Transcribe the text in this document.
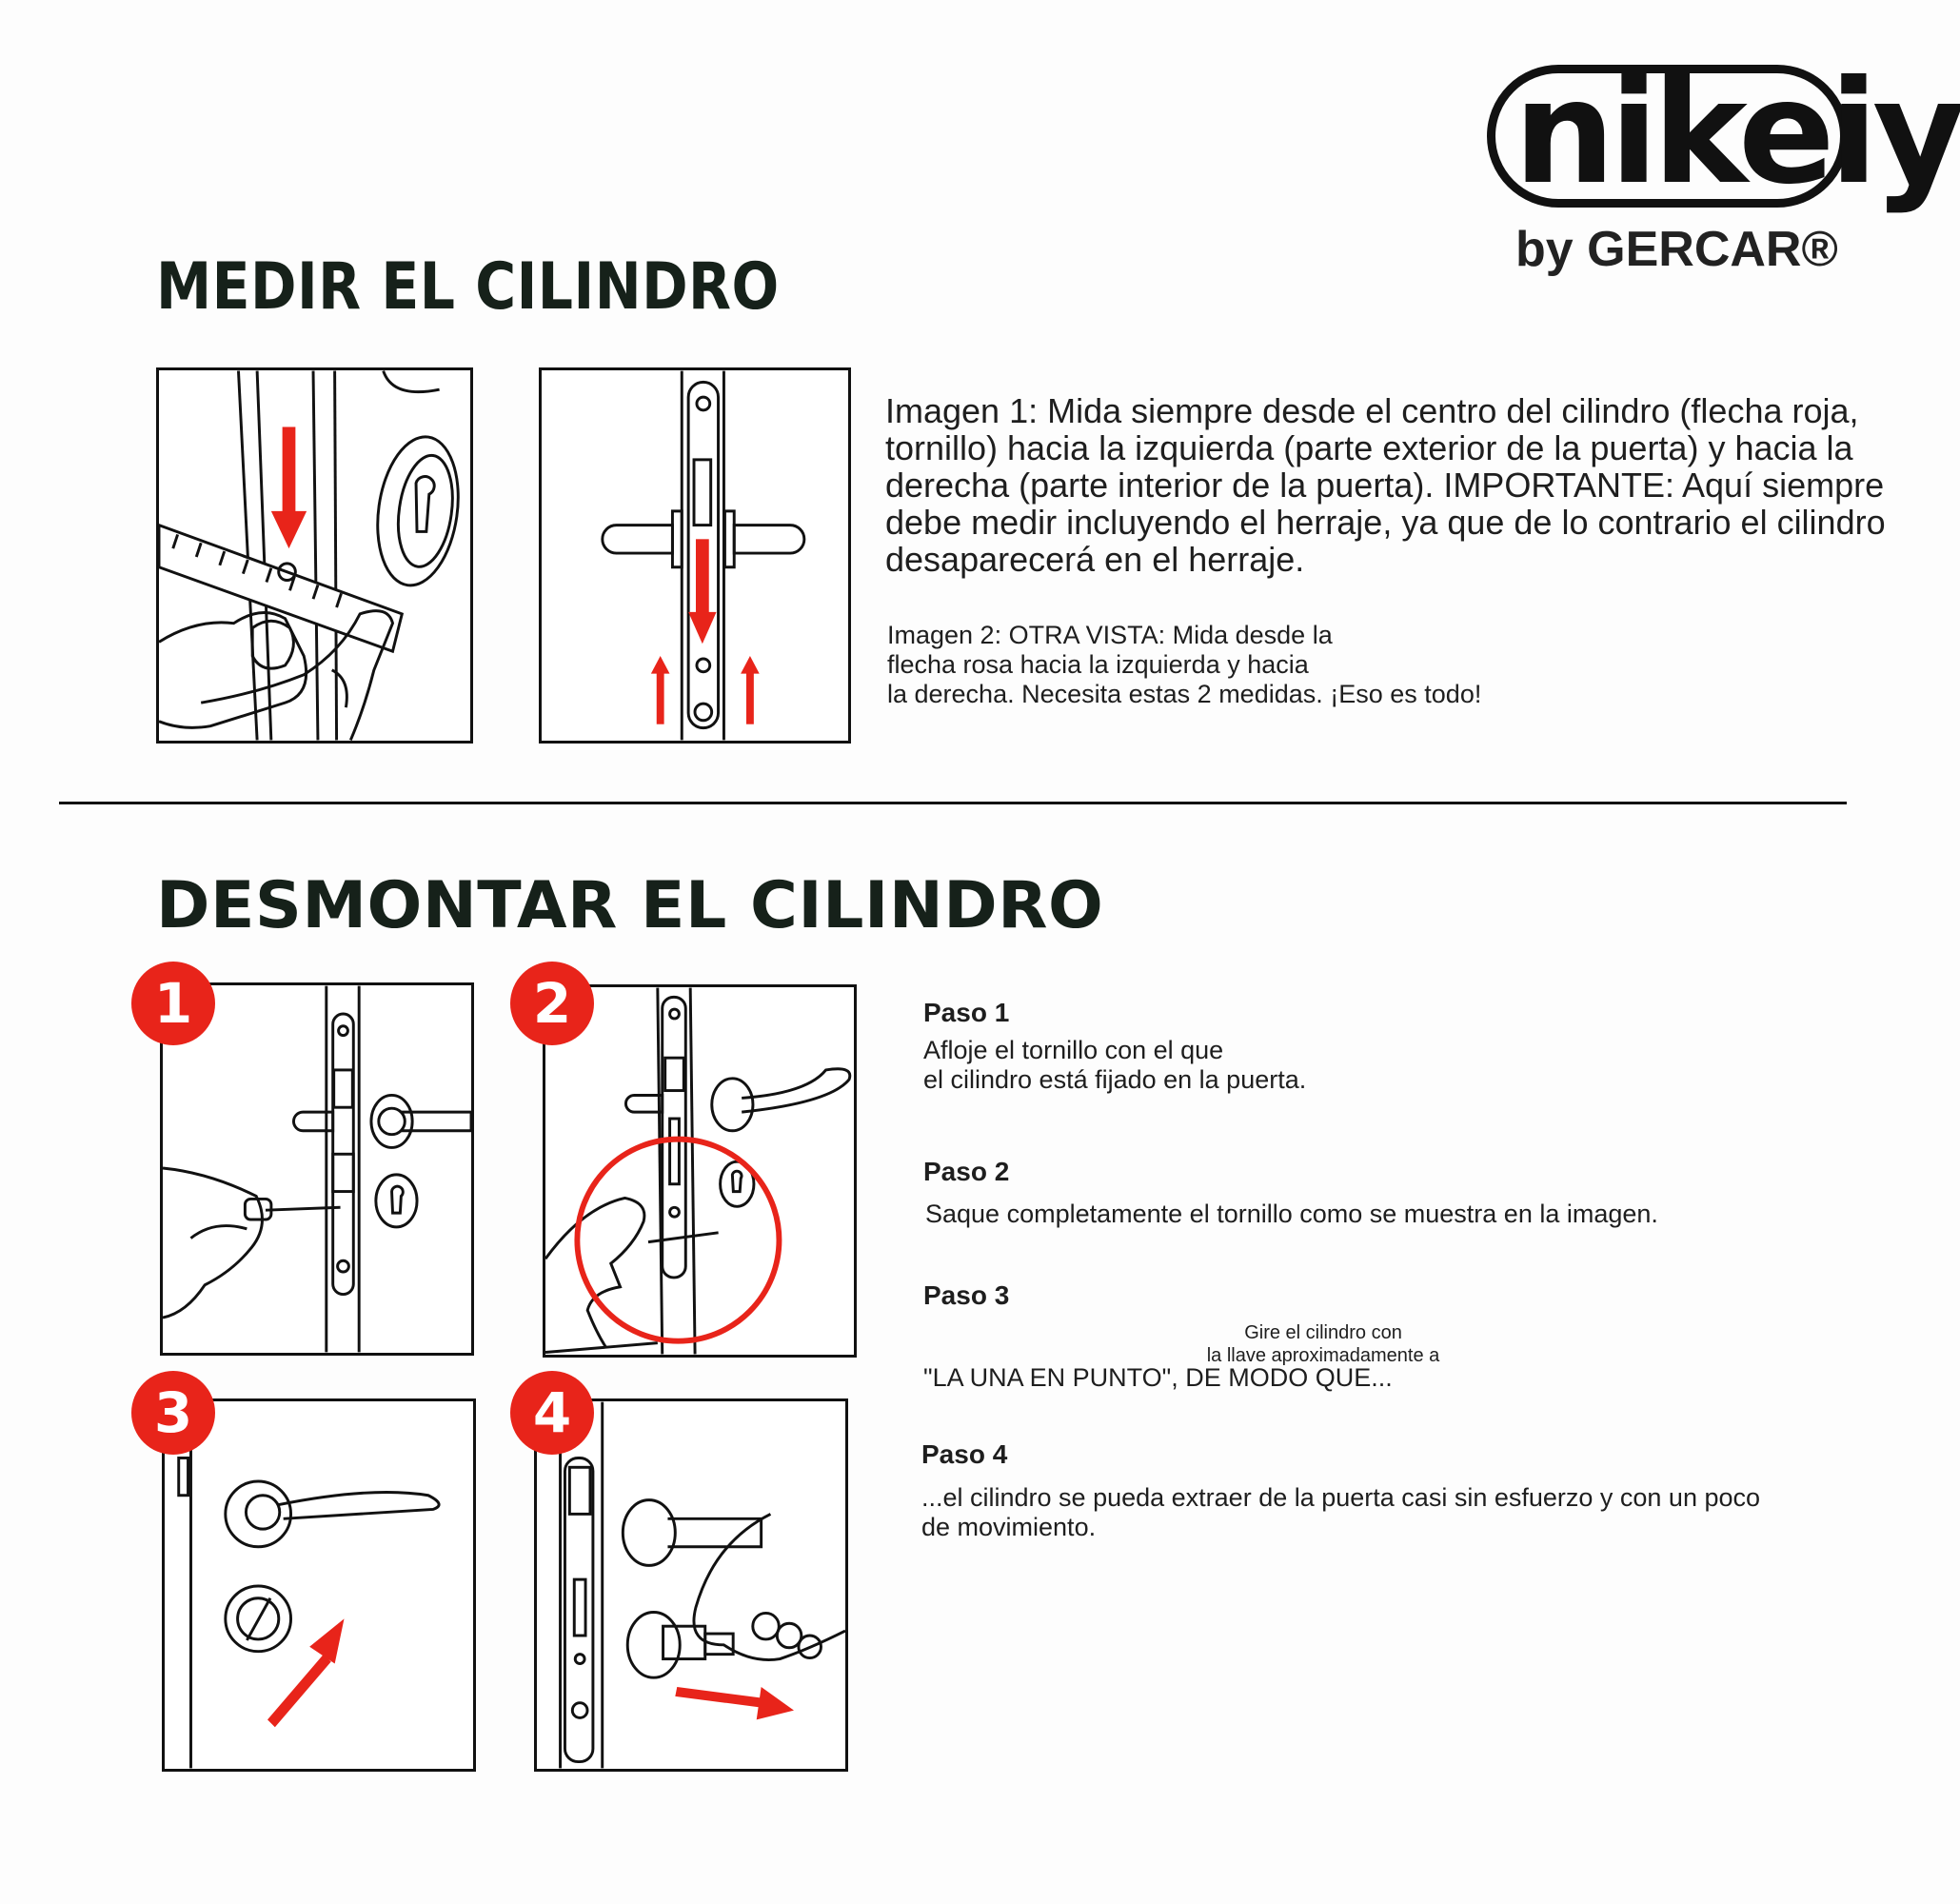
nikeiy
by GERCAR®
MEDIR EL CILINDRO
Imagen 1: Mida siempre desde el centro del cilindro (flecha roja, tornillo) hacia la izquierda (parte exterior de la puerta) y hacia la derecha (parte interior de la puerta). IMPORTANTE: Aquí siempre debe medir incluyendo el herraje, ya que de lo contrario el cilindro desaparecerá en el herraje.
Imagen 2: OTRA VISTA: Mida desde la
flecha rosa hacia la izquierda y hacia
la derecha. Necesita estas 2 medidas. ¡Eso es todo!
DESMONTAR EL CILINDRO
1	2
3	4
Paso 1
Afloje el tornillo con el que
el cilindro está fijado en la puerta.
Paso 2
Saque completamente el tornillo como se muestra en la imagen.
Paso 3
Gire el cilindro con
la llave aproximadamente a
"LA UNA EN PUNTO", DE MODO QUE...
Paso 4
...el cilindro se pueda extraer de la puerta casi sin esfuerzo y con un poco
de movimiento.
